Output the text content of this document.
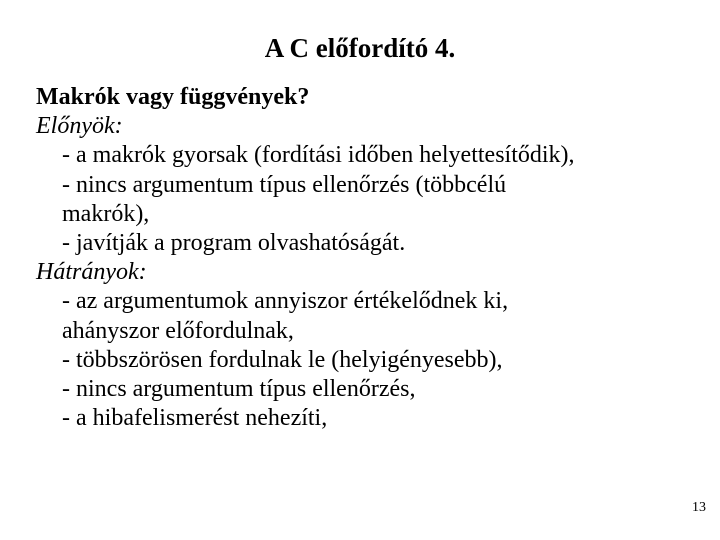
A C előfordító 4.
Makrók vagy függvények?
Előnyök:
- a makrók gyorsak (fordítási időben helyettesítődik),
- nincs argumentum típus ellenőrzés (többcélú
makrók),
- javítják a program olvashatóságát.
Hátrányok:
- az argumentumok annyiszor értékelődnek ki,
ahányszor előfordulnak,
- többszörösen fordulnak le (helyigényesebb),
- nincs argumentum típus ellenőrzés,
- a hibafelismerést nehezíti,
13
